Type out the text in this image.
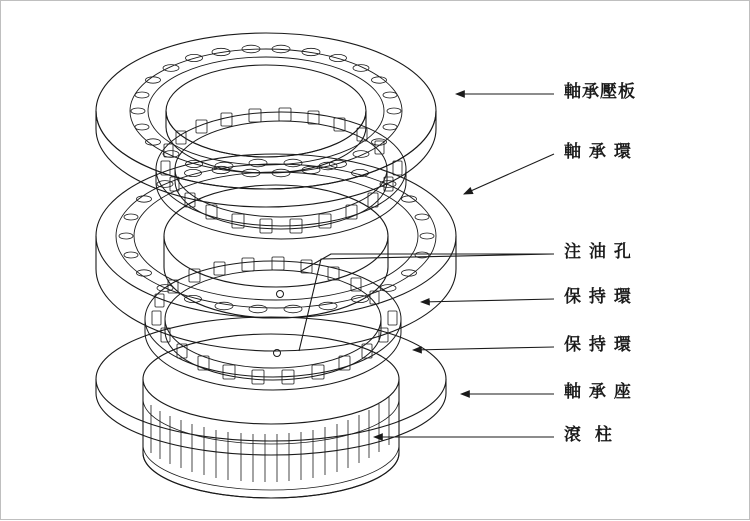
軸承壓板
軸 承 環
注 油 孔
保 持 環
保 持 環
軸 承 座
滾 柱
